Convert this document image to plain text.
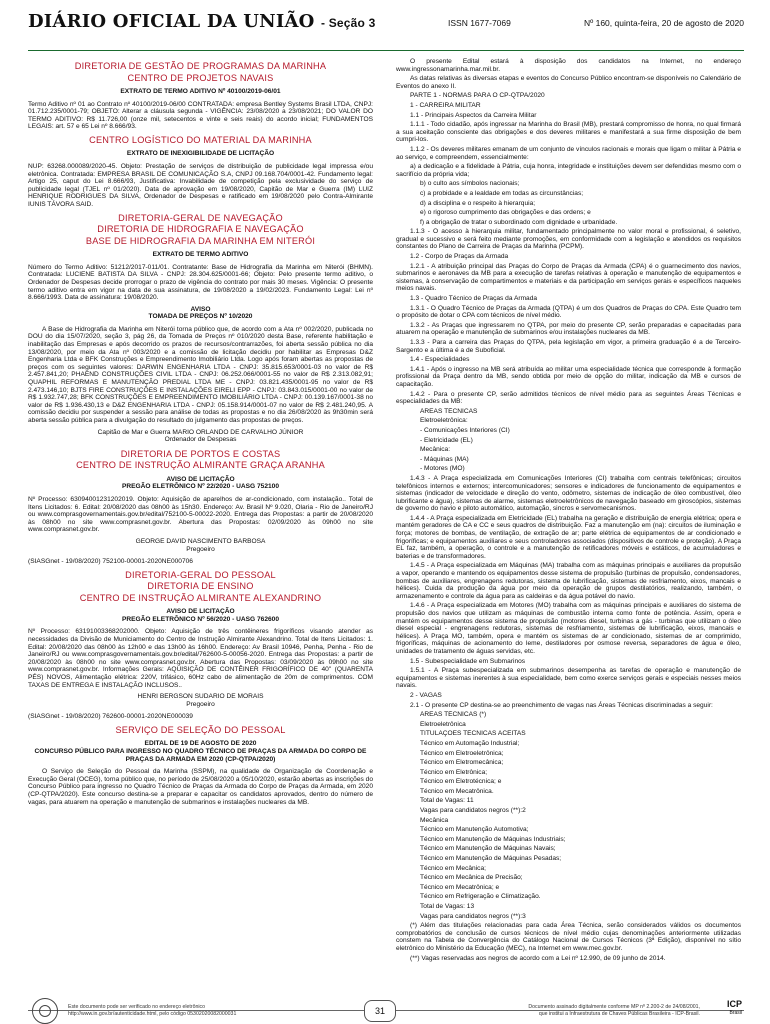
DIÁRIO OFICIAL DA UNIÃO - Seção 3	ISSN 1677-7069	Nº 160, quinta-feira, 20 de agosto de 2020
DIRETORIA DE GESTÃO DE PROGRAMAS DA MARINHA
CENTRO DE PROJETOS NAVAIS
EXTRATO DE TERMO ADITIVO Nº 40100/2019-06/01

Termo Aditivo nº 01 ao Contrato nº 40100/2019-06/00 CONTRATADA: empresa Bentley Systems Brasil LTDA, CNPJ: 01.712.235/0001-79; OBJETO: Alterar a cláusula segunda - VIGÊNCIA: 23/08/2020 a 23/08/2021; DO VALOR DO TERMO ADITIVO: R$ 11.726,00 (onze mil, setecentos e vinte e seis reais) do acordo inicial; FUNDAMENTOS LEGAIS: art. 57 e 65 Lei nº 8.666/93.

CENTRO LOGÍSTICO DO MATERIAL DA MARINHA
EXTRATO DE INEXIGIBILIDADE DE LICITAÇÃO

NUP: 63268.000089/2020-45. Objeto: Prestação de serviços de distribuição de publicidade legal impressa e/ou eletrônica. Contratada: EMPRESA BRASIL DE COMUNICAÇÃO S.A, CNPJ 09.168.704/0001-42. Fundamento legal: Artigo 25, caput do Lei 8.666/93, Justificativa: Invabilidade de competição pela exclusividade do serviço de publicidade legal (TJEL nº 01/2020). Data de aprovação em 19/08/2020, Capitão de Mar e Guerra (IM) LUIZ HENRIQUE RODRIGUES DA SILVA, Ordenador de Despesas e ratificado em 19/08/2020 pelo Contra-Almirante IUNIS TÁVORA SAID.

DIRETORIA-GERAL DE NAVEGAÇÃO
DIRETORIA DE HIDROGRAFIA E NAVEGAÇÃO
BASE DE HIDROGRAFIA DA MARINHA EM NITERÓI
EXTRATO DE TERMO ADITIVO

Número do Termo Aditivo: 51212/2017-011/01. Contratante: Base de Hidrografia da Marinha em Niterói (BHMN). Contratada: LUCIENE BATISTA DA SILVA - CNPJ: 28.304.625/0001-66; Objeto: Pelo presente termo aditivo, o Ordenador de Despesas decide prorrogar o prazo de vigência do contrato por mais 30 meses. Vigência: O presente termo aditivo entra em vigor na data de sua assinatura, de 19/08/2020 a 19/02/2023. Fundamento Legal: Lei nº 8.666/1993. Data de assinatura: 19/08/2020.

AVISO
TOMADA DE PREÇOS Nº 10/2020

A Base de Hidrografia da Marinha em Niterói torna público que, de acordo com a Ata nº 002/2020, publicada no DOU do dia 15/07/2020, seção 3, pág 26, da Tomada de Preços nº 010/2020 desta Base, referente habilitação e inabilitação das Empresas e após decorrido os prazos de recursos/contrarrazões, foi aberta sessão pública no dia 13/08/2020, por meio da Ata nº 003/2020 e a comissão de licitação decidiu por habilitar as Empresas D&Z Engenharia Ltda e BFK Construções e Empreendimento Imobiliário Ltda. Logo após foram abertas as propostas de preços com os seguintes valores: DARWIN ENGENHARIA LTDA - CNPJ: 35.815.653/0001-03 no valor de R$ 2.457.841,20; PHAEND CONSTRUÇÕES CIVIL LTDA - CNPJ: 06.252.066/0001-55 no valor de R$ 2.313.082,91; QUAPHIL REFORMAS E MANUTENÇÃO PREDIAL LTDA ME - CNPJ: 03.821.435/0001-95 no valor de R$ 2.473.146,10; BJTS FIRE CONSTRUÇÕES E INSTALAÇÕES EIRELI EPP - CNPJ: 03.843.015/0001-00 no valor de R$ 1.932.747,28; BFK CONSTRUÇÕES E EMPREENDIMENTO IMOBILIÁRIO LTDA - CNPJ: 00.139.167/0001-38 no valor de R$ 1.936.430,13 e D&Z ENGENHARIA LTDA - CNPJ: 05.158.914/0001-07 no valor de R$ 2.481.240,95. A comissão decidiu por suspender a sessão para análise de todas as propostas e no dia 26/08/2020 às 9h30min será aberta sessão pública para a divulgação do resultado do julgamento das propostas de preços.

Capitão de Mar e Guerra MARIO ORLANDO DE CARVALHO JÚNIOR
Ordenador de Despesas
DIRETORIA DE PORTOS E COSTAS
CENTRO DE INSTRUÇÃO ALMIRANTE GRAÇA ARANHA
AVISO DE LICITAÇÃO
PREGÃO ELETRÔNICO Nº 22/2020 - UASG 752100

Nº Processo: 63094001231202019. Objeto: Aquisição de aparelhos de ar-condicionado, com instalação.. Total de Itens Licitados: 6. Edital: 20/08/2020 das 08h00 às 15h30. Endereço: Av. Brasil Nº 9.020, Olaria - Rio de Janeiro/RJ ou www.comprasgovernamentais.gov.br/edital/752100-5-00022-2020. Entrega das Propostas: a partir de 20/08/2020 às 08h00 no site www.comprasnet.gov.br. Abertura das Propostas: 02/09/2020 às 09h00 no site www.comprasnet.gov.br.

GEORGE DAVID NASCIMENTO BARBOSA
Pregoeiro

(SIASGnet - 19/08/2020) 752100-00001-2020NE000706

DIRETORIA-GERAL DO PESSOAL
DIRETORIA DE ENSINO
CENTRO DE INSTRUÇÃO ALMIRANTE ALEXANDRINO
AVISO DE LICITAÇÃO
PREGÃO ELETRÔNICO Nº 56/2020 - UASG 762600

Nº Processo: 63191003368202000. Objeto: Aquisição de três contêineres frigoríficos visando atender as necessidades da Divisão de Municiamento do Centro de Instrução Almirante Alexandrino. Total de Itens Licitados: 1. Edital: 20/08/2020 das 08h00 às 12h00 e das 13h00 às 16h00. Endereço: Av Brasil 10946, Penha, Penha - Rio de Janeiro/RJ ou www.comprasgovernamentais.gov.br/edital/762600-5-00056-2020. Entrega das Propostas: a partir de 20/08/2020 às 08h00 no site www.comprasnet.gov.br. Abertura das Propostas: 03/09/2020 às 09h00 no site www.comprasnet.gov.br. Informações Gerais: AQUISIÇÃO DE CONTÊINER FRIGORÍFICO DE 40" (QUARENTA PÉS) NOVOS, Alimentação elétrica: 220V, trifásico, 60Hz cabo de alimentação de 20m de comprimentos. COM TAXAS DE ENTREGA E INSTALAÇÃO INCLUSOS..

HENRI BERGSON SUDARIO DE MORAIS
Pregoeiro

(SIASGnet - 19/08/2020) 762600-00001-2020NE000039

SERVIÇO DE SELEÇÃO DO PESSOAL
EDITAL DE 19 DE AGOSTO DE 2020
CONCURSO PÚBLICO PARA INGRESSO NO QUADRO TÉCNICO DE PRAÇAS DA ARMADA DO CORPO DE PRAÇAS DA ARMADA EM 2020 (CP-QTPA/2020)

O Serviço de Seleção do Pessoal da Marinha (SSPM), na qualidade de Organização de Coordenação e Execução Geral (OCEG), torna público que, no período de 25/08/2020 a 05/10/2020, estarão abertas as inscrições do Concurso Público para ingresso no Quadro Técnico de Praças da Armada do Corpo de Praças da Armada, em 2020 (CP-QTPA/2020). Este concurso destina-se a preparar e capacitar os candidatos aprovados, dentro do número de vagas, para atuarem na operação e manutenção de submarinos e instalações nucleares da MB.

O presente Edital estará à disposição dos candidatos na Internet, no endereço www.ingressonamarinha.mar.mil.br.

As datas relativas às diversas etapas e eventos do Concurso Público encontram-se disponíveis no Calendário de Eventos do anexo II.

PARTE 1 - NORMAS PARA O CP-QTPA/2020

1 - CARREIRA MILITAR

1.1 - Principais Aspectos da Carreira Militar

1.1.1 - Todo cidadão, após ingressar na Marinha do Brasil (MB), prestará compromisso de honra, no qual firmará a sua aceitação consciente das obrigações e dos deveres militares e manifestará a sua firme disposição de bem cumpri-los.

1.1.2 - Os deveres militares emanam de um conjunto de vínculos racionais e morais que ligam o militar à Pátria e ao serviço, e compreendem, essencialmente:

a) a dedicação e a fidelidade à Pátria, cuja honra, integridade e instituições devem ser defendidas mesmo com o sacrifício da própria vida;

b) o culto aos símbolos nacionais;

c) a probidade e a lealdade em todas as circunstâncias;

d) a disciplina e o respeito à hierarquia;

e) o rigoroso cumprimento das obrigações e das ordens; e

f) a obrigação de tratar o subordinado com dignidade e urbanidade.

1.1.3 - O acesso à hierarquia militar, fundamentado principalmente no valor moral e profissional, é seletivo, gradual e sucessivo e será feito mediante promoções, em conformidade com a legislação e atendidos os requisitos constantes do Plano de Carreira de Praças da Marinha (PCPM).

1.2 - Corpo de Praças da Armada

1.2.1 - A atribuição principal das Praças do Corpo de Praças da Armada (CPA) é o guarnecimento dos navios, submarinos e aeronaves da MB para a execução de tarefas relativas à operação e manutenção de equipamentos e sistemas, à conservação de compartimentos e materiais e da participação em serviços gerais e específicos naqueles meios navais.

1.3 - Quadro Técnico de Praças da Armada

1.3.1 - O Quadro Técnico de Praças da Armada (QTPA) é um dos Quadros de Praças do CPA. Este Quadro tem o propósito de dotar o CPA com técnicos de nível médio.

1.3.2 - As Praças que ingressarem no QTPA, por meio do presente CP, serão preparadas e capacitadas para atuarem na operação e manutenção de submarinos e/ou instalações nucleares da MB.

1.3.3 - Para a carreira das Praças do QTPA, pela legislação em vigor, a primeira graduação é a de Terceiro-Sargento e a última é a de Suboficial.

1.4 - Especialidades

1.4.1 - Após o ingresso na MB será atribuída ao militar uma especialidade técnica que corresponde à formação profissional da Praça dentro da MB, sendo obtida por meio de opção do militar, indicação da MB e cursos de capacitação.

1.4.2 - Para o presente CP, serão admitidos técnicos de nível médio para as seguintes Áreas Técnicas e especialidades da MB:

ÁREAS TÉCNICAS

Eletroeletrônica:

- Comunicações Interiores (CI)

- Eletricidade (EL)

Mecânica:

- Máquinas (MA)

- Motores (MO)

1.4.3 - A Praça especializada em Comunicações Interiores (CI) trabalha com centrais telefônicas; circuitos telefônicos internos e externos; intercomunicadores; sensores e indicadores de funcionamento de equipamentos e sistemas (indicador de velocidade e direção do vento, odômetro, sistemas de indicação de óleo combustível, óleo lubrificante e água), sistemas de alarme, sistemas eletroeletrônicos de navegação baseado em giroscópios, sistemas de governo do navio e piloto automático, automação, sincros e servomecanismos.

1.4.4 - A Praça especializada em Eletricidade (EL) trabalha na geração e distribuição de energia elétrica; opera e mantém geradores de CA e CC e seus quadros de distribuição. Faz a manutenção em (na): circuitos de iluminação e força; motores de bombas, de ventilação, de extração de ar; parte elétrica de equipamentos de ar condicionado e frigoríficas; e equipamentos auxiliares e seus controladores associados (dispositivos de controle e proteção). A Praça EL faz, também, a operação, o controle e a manutenção de retificadores móveis e estáticos, de acumuladores e baterias e de transformadores.

1.4.5 - A Praça especializada em Máquinas (MA) trabalha com as máquinas principais e auxiliares da propulsão a vapor, operando e mantendo os equipamentos desse sistema de propulsão (turbinas de propulsão, condensadores, bombas de auxiliares, engrenagens redutoras, sistema de lubrificação, sistemas de resfriamento, eixos, mancais e hélices). Cuida da produção da água por meio da operação de grupos destilatórios, realizando, também, o armazenamento e controle da água para as caldeiras e da água potável do navio.

1.4.6 - A Praça especializada em Motores (MO) trabalha com as máquinas principais e auxiliares do sistema de propulsão dos navios que utilizam as máquinas de combustão interna como fonte de potência. Assim, opera e mantém os equipamentos desse sistema de propulsão (motores diesel, turbinas a gás - turbinas que utilizam o óleo diesel especial - engrenagens redutoras, sistemas de resfriamento, sistemas de lubrificação, eixos, mancais e hélices). A Praça MO, também, opera e mantém os sistemas de ar condicionado, sistemas de ar comprimido, frigoríficas, máquinas de acionamento do leme, destiladores por osmose reversa, separadores de água e óleo, unidades de tratamento de águas servidas, etc.

1.5 - Subespecialidade em Submarinos

1.5.1 - A Praça subespecializada em submarinos desempenha as tarefas de operação e manutenção de equipamentos e sistemas inerentes à sua especialidade, bem como exerce serviços gerais e especiais nesses meios navais.

2 - VAGAS

2.1 - O presente CP destina-se ao preenchimento de vagas nas Áreas Técnicas discriminadas a seguir:

ÁREAS TÉCNICAS (*)

Eletroeletrônica

TITULAÇÕES TÉCNICAS ACEITAS

Técnico em Automação Industrial;

Técnico em Eletroeletrônica;

Técnico em Eletromecânica;

Técnico em Eletrônica;

Técnico em Eletrotécnica; e

Técnico em Mecatrônica.

Total de Vagas: 11

Vagas para candidatos negros (**):2

Mecânica

Técnico em Manutenção Automotiva;

Técnico em Manutenção de Máquinas Industriais;

Técnico em Manutenção de Máquinas Navais;

Técnico em Manutenção de Máquinas Pesadas;

Técnico em Mecânica;

Técnico em Mecânica de Precisão;

Técnico em Mecatrônica; e

Técnico em Refrigeração e Climatização.

Total de Vagas: 13

Vagas para candidatos negros (**):3

(*) Além das titulações relacionadas para cada Área Técnica, serão considerados válidos os documentos comprobatórios de conclusão de cursos técnicos de nível médio cujas denominações anteriormente utilizadas constem na Tabela de Convergência do Catálogo Nacional de Cursos Técnicos (3ª Edição), disponível no sítio eletrônico do Ministério da Educação (MEC), na Internet em www.mec.gov.br.

(**) Vagas reservadas aos negros de acordo com a Lei nº 12.990, de 09 junho de 2014.

Este documento pode ser verificado no endereço eletrônico
http://www.in.gov.br/autenticidade.html, pelo código 05302020082000031	31	Documento assinado digitalmente conforme MP nº 2.200-2 de 24/08/2001,
que institui a Infraestrutura de Chaves Públicas Brasileira - ICP-Brasil.
ICP
Brasil
